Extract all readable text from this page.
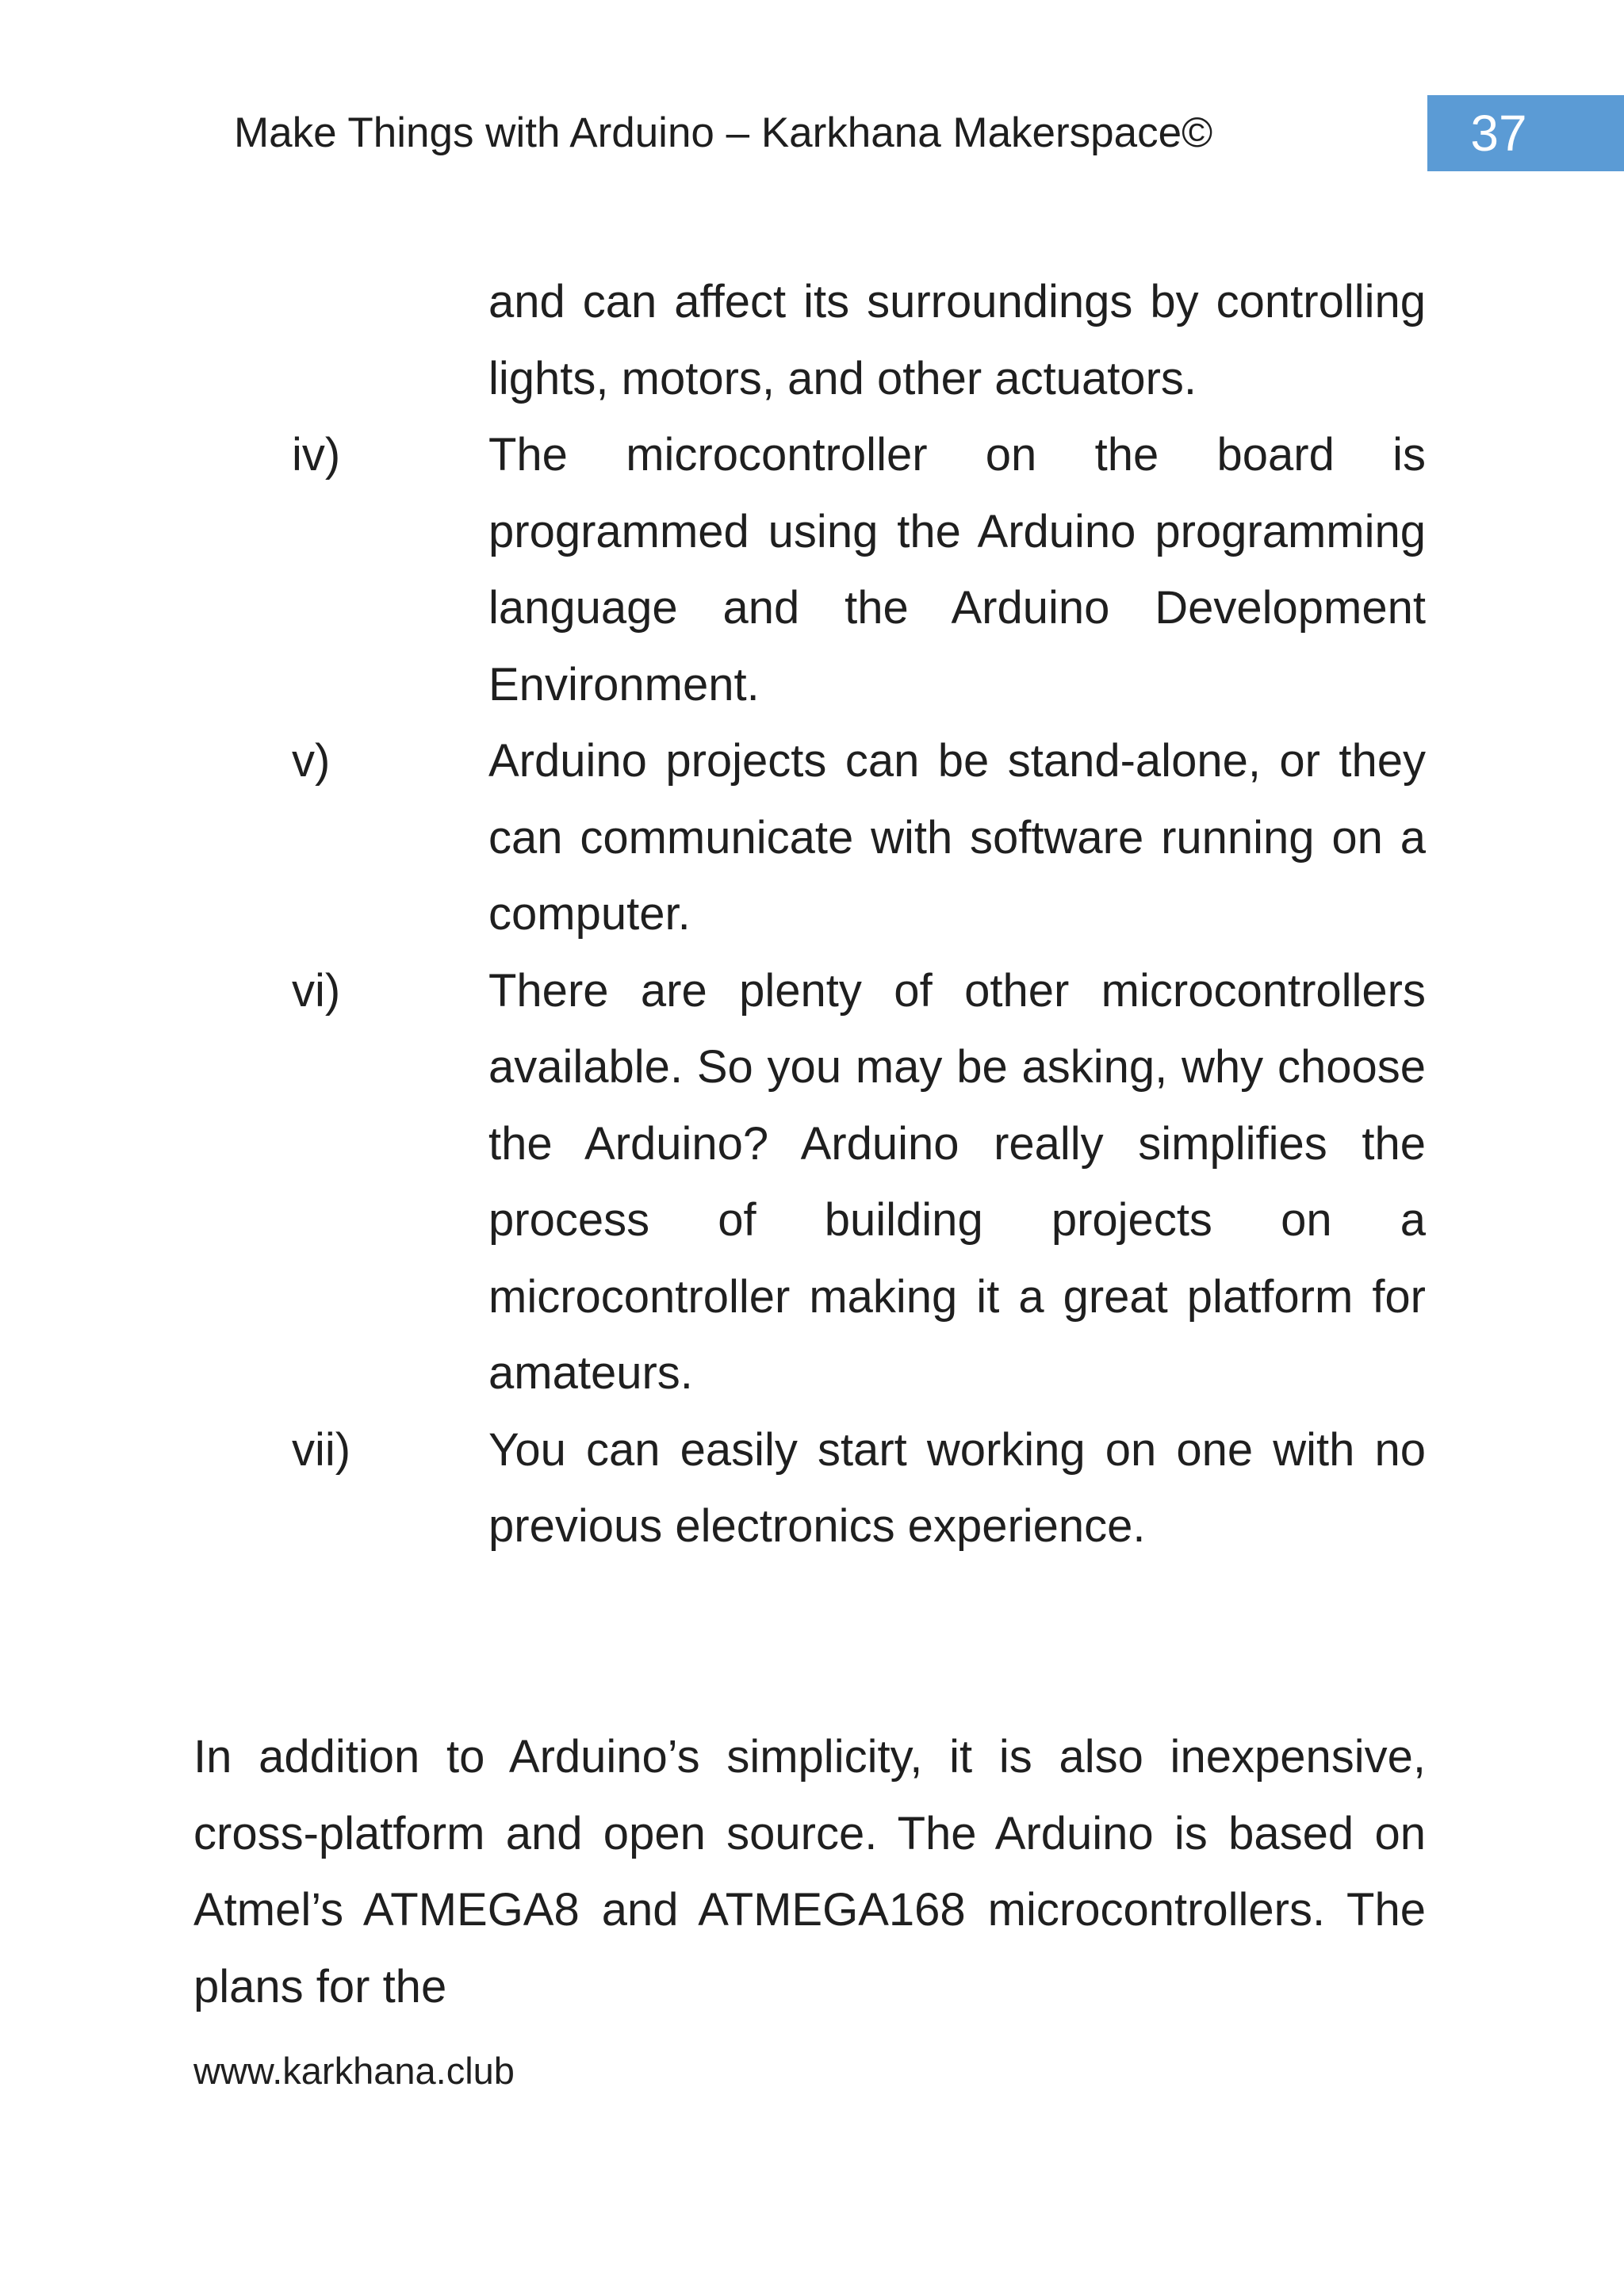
Make Things with Arduino – Karkhana Makerspace©	37
and can affect its surroundings by controlling lights, motors, and other actuators.
iv)	The microcontroller on the board is programmed using the Arduino programming language and the Arduino Development Environment.
v)	Arduino projects can be stand-alone, or they can communicate with software running on a computer.
vi)	There are plenty of other microcontrollers available. So you may be asking, why choose the Arduino? Arduino really simplifies the process of building projects on a microcontroller making it a great platform for amateurs.
vii)	You can easily start working on one with no previous electronics experience.
In addition to Arduino’s simplicity, it is also inexpensive, cross-platform and open source. The Arduino is based on Atmel’s ATMEGA8 and ATMEGA168 microcontrollers. The plans for the
www.karkhana.club
